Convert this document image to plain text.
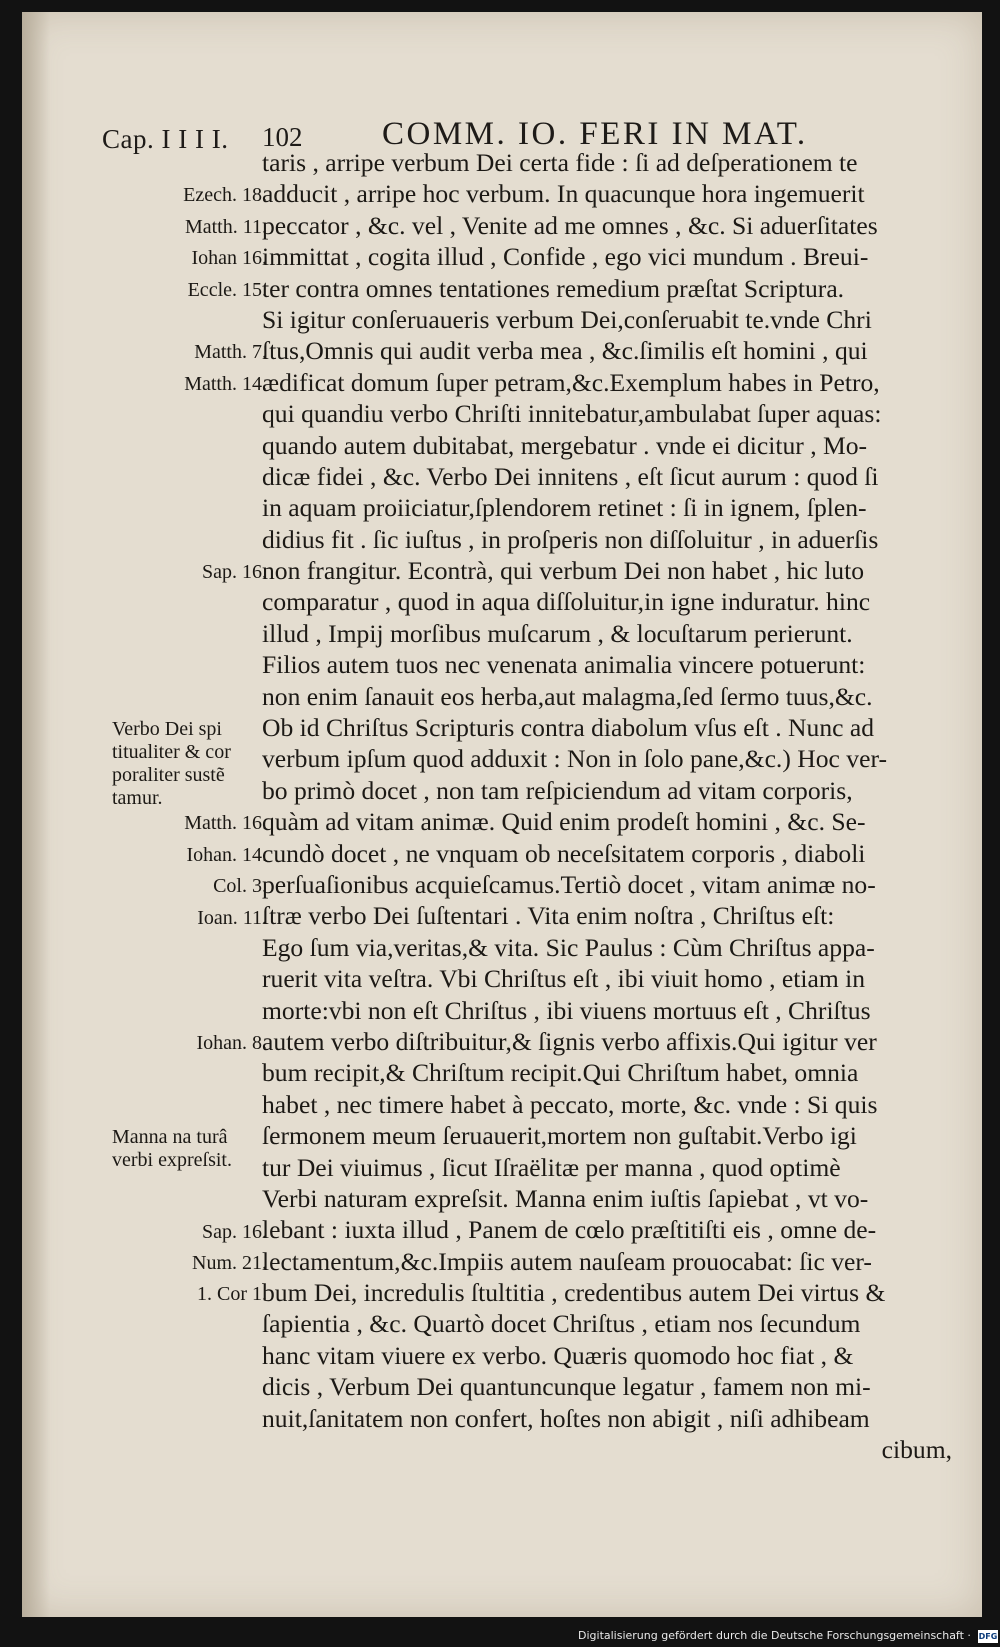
Cap. I I I I. 102 COMM. IO. FERI IN MAT.
Ezech. 18.
Matth. 11.
Iohan 16.
Eccle. 15.
Matth. 7.
Matth. 14.
Sap. 16.
Verbo Dei spi titualiter & cor poraliter sustẽ tamur.
Matth. 16.
Iohan. 14.
Col. 3.
Ioan. 11.
Iohan. 8.
Manna na turâ verbi expreſsit.
Sap. 16.
Num. 21.
1. Cor 1.
taris , arripe verbum Dei certa fide : ſi ad deſperationem te
adducit , arripe hoc verbum. In quacunque hora ingemuerit
peccator , &c. vel , Venite ad me omnes , &c. Si aduerſitates
immittat , cogita illud , Confide , ego vici mundum . Breui-
ter contra omnes tentationes remedium præſtat Scriptura.
Si igitur conſeruaueris verbum Dei,conſeruabit te.vnde Chri
ſtus,Omnis qui audit verba mea , &c.ſimilis eſt homini , qui
ædificat domum ſuper petram,&c.Exemplum habes in Petro,
qui quandiu verbo Chriſti innitebatur,ambulabat ſuper aquas:
quando autem dubitabat, mergebatur . vnde ei dicitur , Mo-
dicæ fidei , &c. Verbo Dei innitens , eſt ſicut aurum : quod ſi
in aquam proiiciatur,ſplendorem retinet : ſi in ignem, ſplen-
didius fit . ſic iuſtus , in proſperis non diſſoluitur , in aduerſis
non frangitur. Econtrà, qui verbum Dei non habet , hic luto
comparatur , quod in aqua diſſoluitur,in igne induratur. hinc
illud , Impij morſibus muſcarum , & locuſtarum perierunt.
Filios autem tuos nec venenata animalia vincere potuerunt:
non enim ſanauit eos herba,aut malagma,ſed ſermo tuus,&c.
Ob id Chriſtus Scripturis contra diabolum vſus eſt . Nunc ad
verbum ipſum quod adduxit : Non in ſolo pane,&c.) Hoc ver-
bo primò docet , non tam reſpiciendum ad vitam corporis,
quàm ad vitam animæ. Quid enim prodeſt homini , &c. Se-
cundò docet , ne vnquam ob neceſsitatem corporis , diaboli
perſuaſionibus acquieſcamus.Tertiò docet , vitam animæ no-
ſtræ verbo Dei ſuſtentari . Vita enim noſtra , Chriſtus eſt:
Ego ſum via,veritas,& vita. Sic Paulus : Cùm Chriſtus appa-
ruerit vita veſtra. Vbi Chriſtus eſt , ibi viuit homo , etiam in
morte:vbi non eſt Chriſtus , ibi viuens mortuus eſt , Chriſtus
autem verbo diſtribuitur,& ſignis verbo affixis.Qui igitur ver
bum recipit,& Chriſtum recipit.Qui Chriſtum habet, omnia
habet , nec timere habet à peccato, morte, &c. vnde : Si quis
ſermonem meum ſeruauerit,mortem non guſtabit.Verbo igi
tur Dei viuimus , ſicut Iſraëlitæ per manna , quod optimè
Verbi naturam expreſsit. Manna enim iuſtis ſapiebat , vt vo-
lebant : iuxta illud , Panem de cœlo præſtitiſti eis , omne de-
lectamentum,&c.Impiis autem nauſeam prouocabat: ſic ver-
bum Dei, incredulis ſtultitia , credentibus autem Dei virtus &
ſapientia , &c. Quartò docet Chriſtus , etiam nos ſecundum
hanc vitam viuere ex verbo. Quæris quomodo hoc fiat , &
dicis , Verbum Dei quantuncunque legatur , famem non mi-
nuit,ſanitatem non confert, hoſtes non abigit , niſi adhibeam
cibum,
Digitalisierung gefördert durch die Deutsche Forschungsgemeinschaft · DFG
